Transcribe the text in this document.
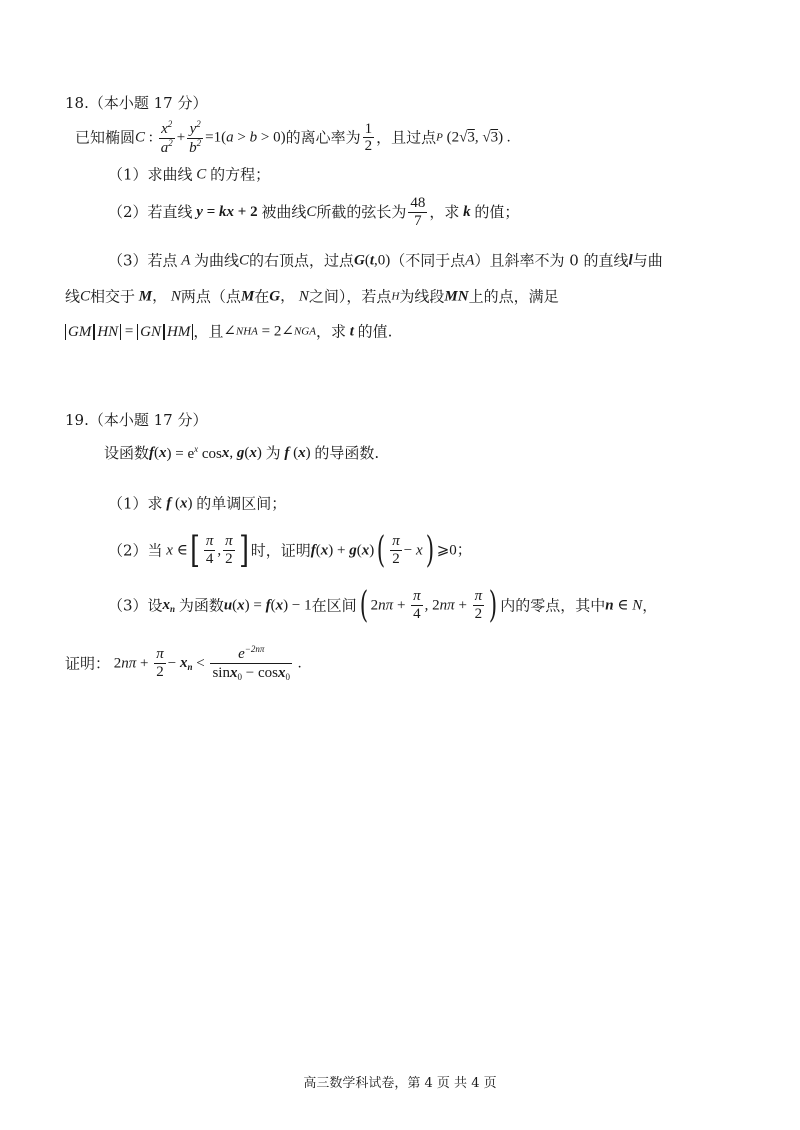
18.（本小题 17 分）
已知椭圆C : $\frac{x^2}{a^2} + \frac{y^2}{b^2} =1(a > b > 0)$的离心率为 $\frac{1}{2}$ ，且过点P (2√3, √3) .
（1）求曲线 C 的方程；
（2）若直线 y = kx + 2 被曲线C所截的弦长为 $\frac{48}{7}$ ，求 k 的值；
（3）若点 A 为曲线C的右顶点，过点G(t,0)（不同于点A）且斜率不为 0 的直线l与曲
线C相交于 M， N两点（点M在G， N之间），若点H为线段MN上的点，满足
GM HN = GN HM ，且∠NHA = 2∠NGA，求 t 的值.
19.（本小题 17 分）
设函数$f(x) = e^x$ cosx, g(x) 为 f (x) 的导函数.
（1）求 f (x) 的单调区间；
（2）当 x ∈[ $\frac{\pi}{4}$ , $\frac{\pi}{2}$ ] 时，证明$f(x) + g(x)( \frac{\pi}{2} - x)$ ⩾0；
（3）设$x_n$ 为函数u(x) = f(x) − 1在区间( $2n\pi + \frac{\pi}{4}$ , $2n\pi + \frac{\pi}{2}$ ) 内的零点，其中n ∈ N，
证明： $2n\pi + \frac{\pi}{2} - x_n < \frac{e^{-2n\pi}}{\sin x_0 - \cos x_0}$ .
高三数学科试卷，第 4 页 共 4 页
